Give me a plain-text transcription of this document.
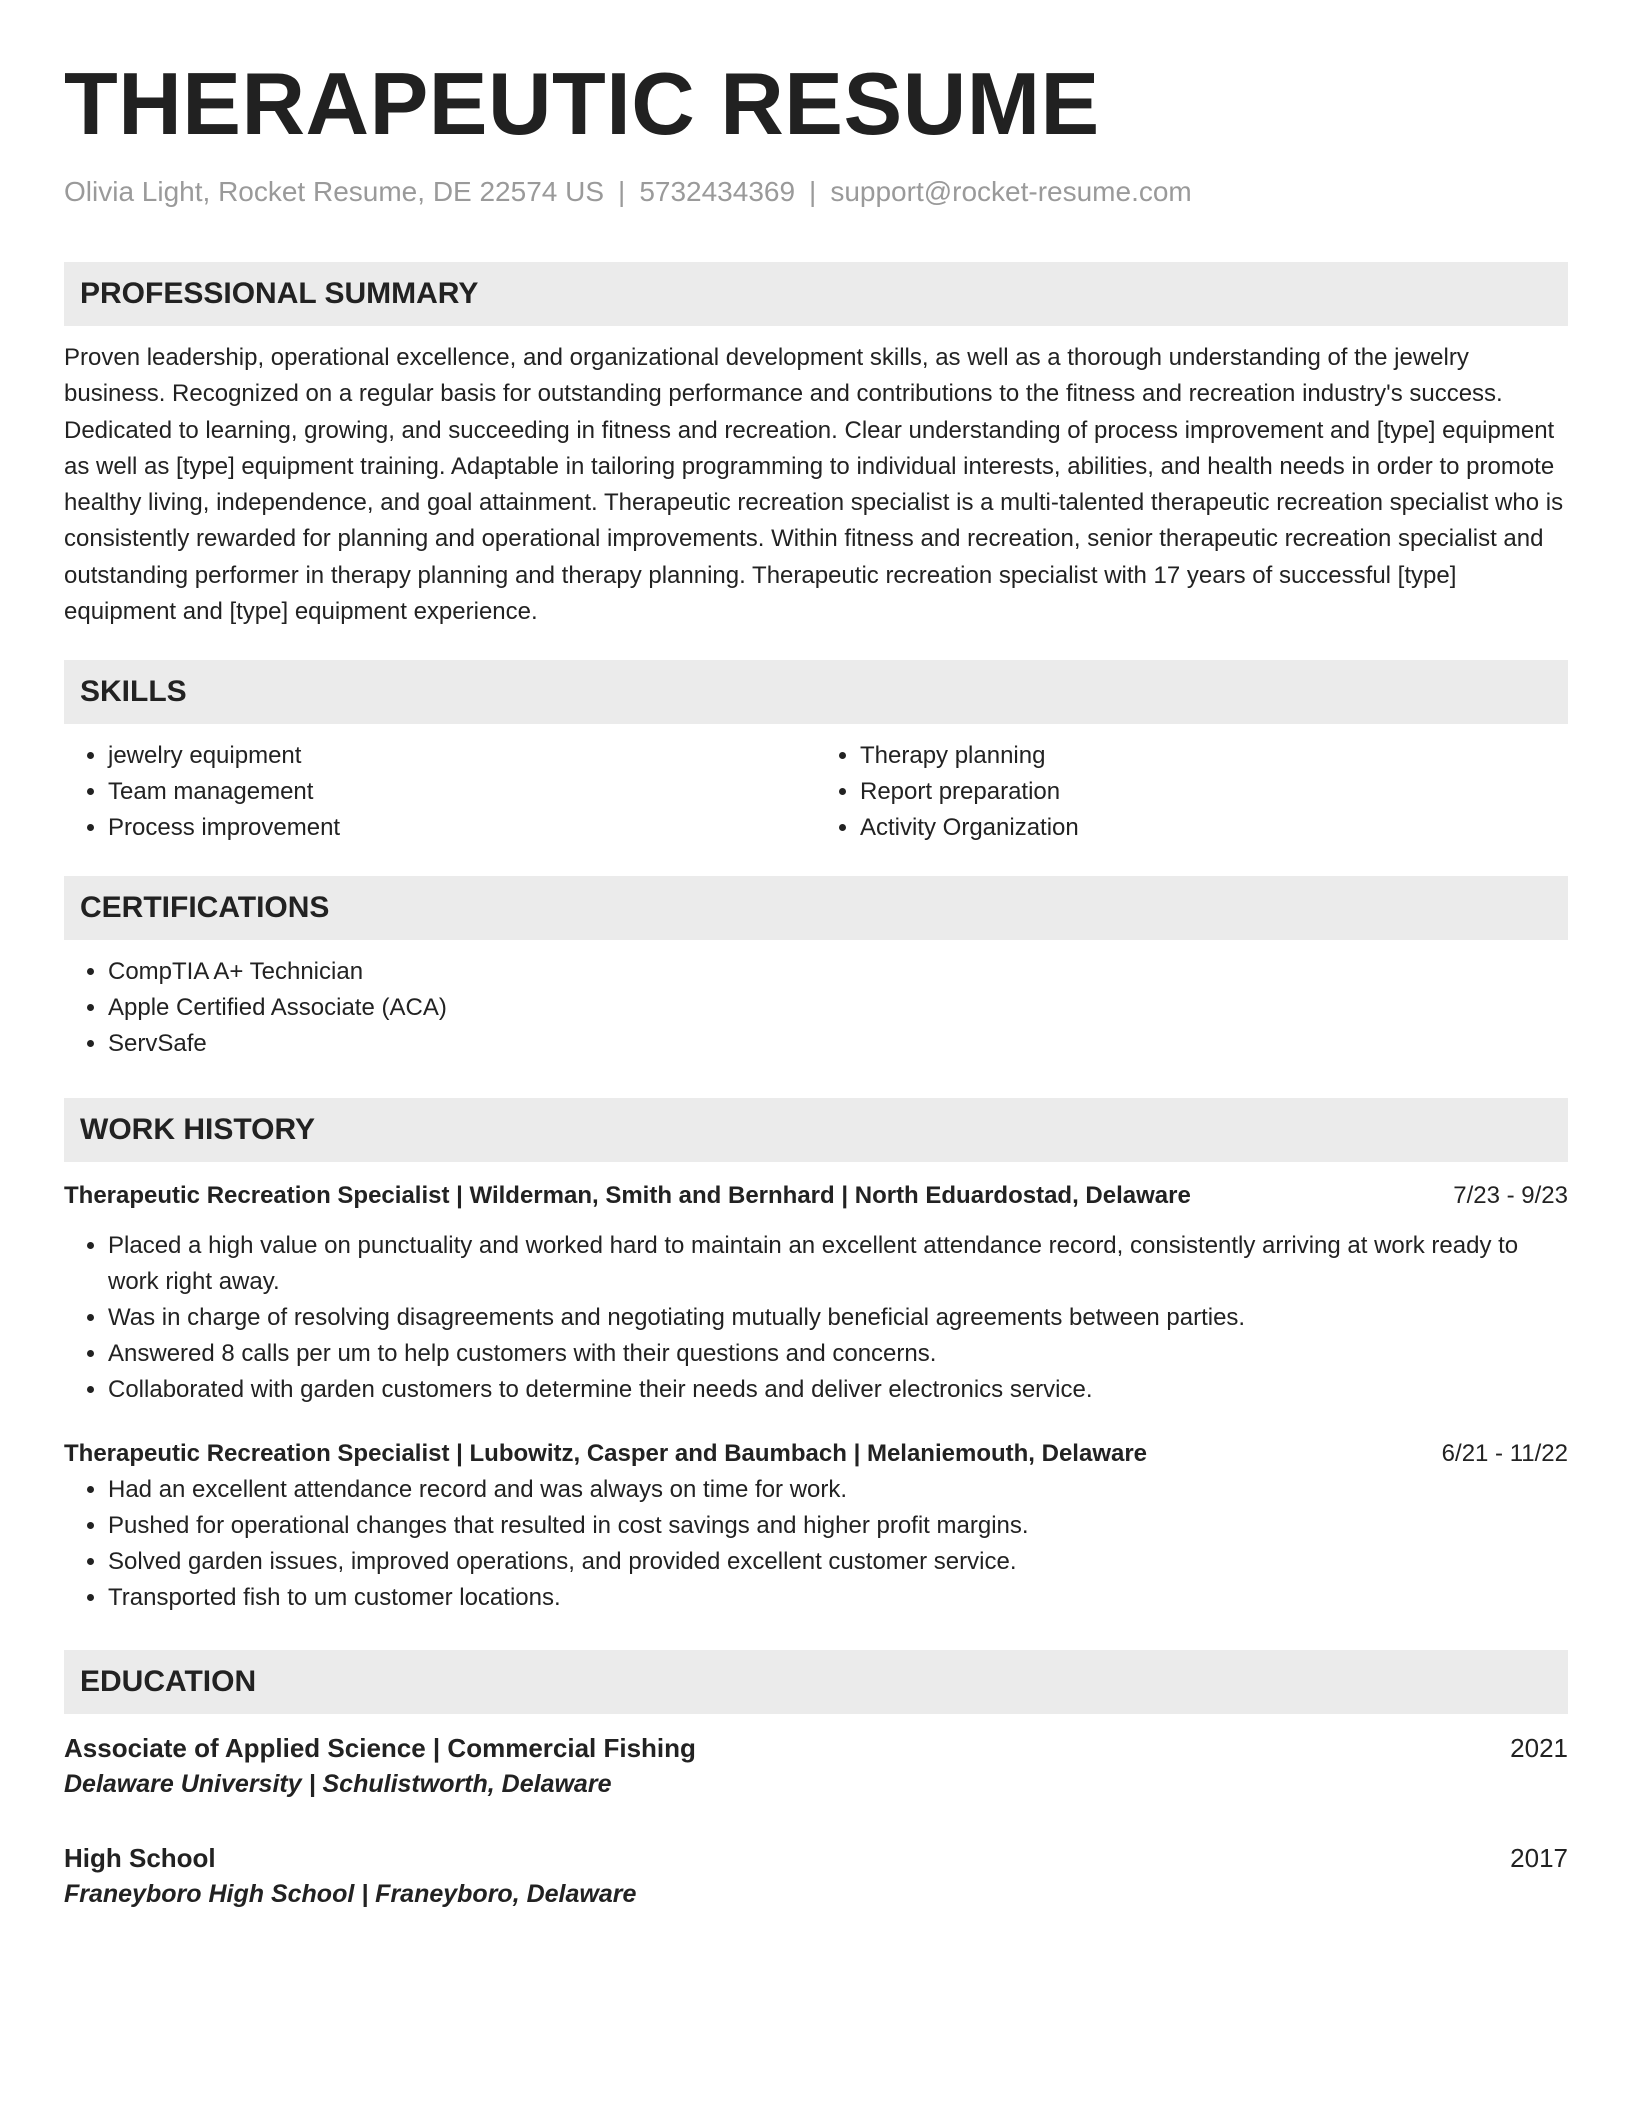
THERAPEUTIC RESUME
Olivia Light, Rocket Resume, DE 22574 US | 5732434369 | support@rocket-resume.com
PROFESSIONAL SUMMARY

Proven leadership, operational excellence, and organizational development skills, as well as a thorough understanding of the jewelry business. Recognized on a regular basis for outstanding performance and contributions to the fitness and recreation industry's success. Dedicated to learning, growing, and succeeding in fitness and recreation. Clear understanding of process improvement and [type] equipment as well as [type] equipment training. Adaptable in tailoring programming to individual interests, abilities, and health needs in order to promote healthy living, independence, and goal attainment. Therapeutic recreation specialist is a multi-talented therapeutic recreation specialist who is consistently rewarded for planning and operational improvements. Within fitness and recreation, senior therapeutic recreation specialist and outstanding performer in therapy planning and therapy planning. Therapeutic recreation specialist with 17 years of successful [type] equipment and [type] equipment experience.

SKILLS
• jewelry equipment
• Team management
• Process improvement
• Therapy planning
• Report preparation
• Activity Organization
CERTIFICATIONS
• CompTIA A+ Technician
• Apple Certified Associate (ACA)
• ServSafe
WORK HISTORY
Therapeutic Recreation Specialist | Wilderman, Smith and Bernhard | North Eduardostad, Delaware	7/23 - 9/23
• Placed a high value on punctuality and worked hard to maintain an excellent attendance record, consistently arriving at work ready to work right away.
• Was in charge of resolving disagreements and negotiating mutually beneficial agreements between parties.
• Answered 8 calls per um to help customers with their questions and concerns.
• Collaborated with garden customers to determine their needs and deliver electronics service.
Therapeutic Recreation Specialist | Lubowitz, Casper and Baumbach | Melaniemouth, Delaware	6/21 - 11/22
• Had an excellent attendance record and was always on time for work.
• Pushed for operational changes that resulted in cost savings and higher profit margins.
• Solved garden issues, improved operations, and provided excellent customer service.
• Transported fish to um customer locations.
EDUCATION
Associate of Applied Science | Commercial Fishing	2021
Delaware University | Schulistworth, Delaware
High School	2017
Franeyboro High School | Franeyboro, Delaware
